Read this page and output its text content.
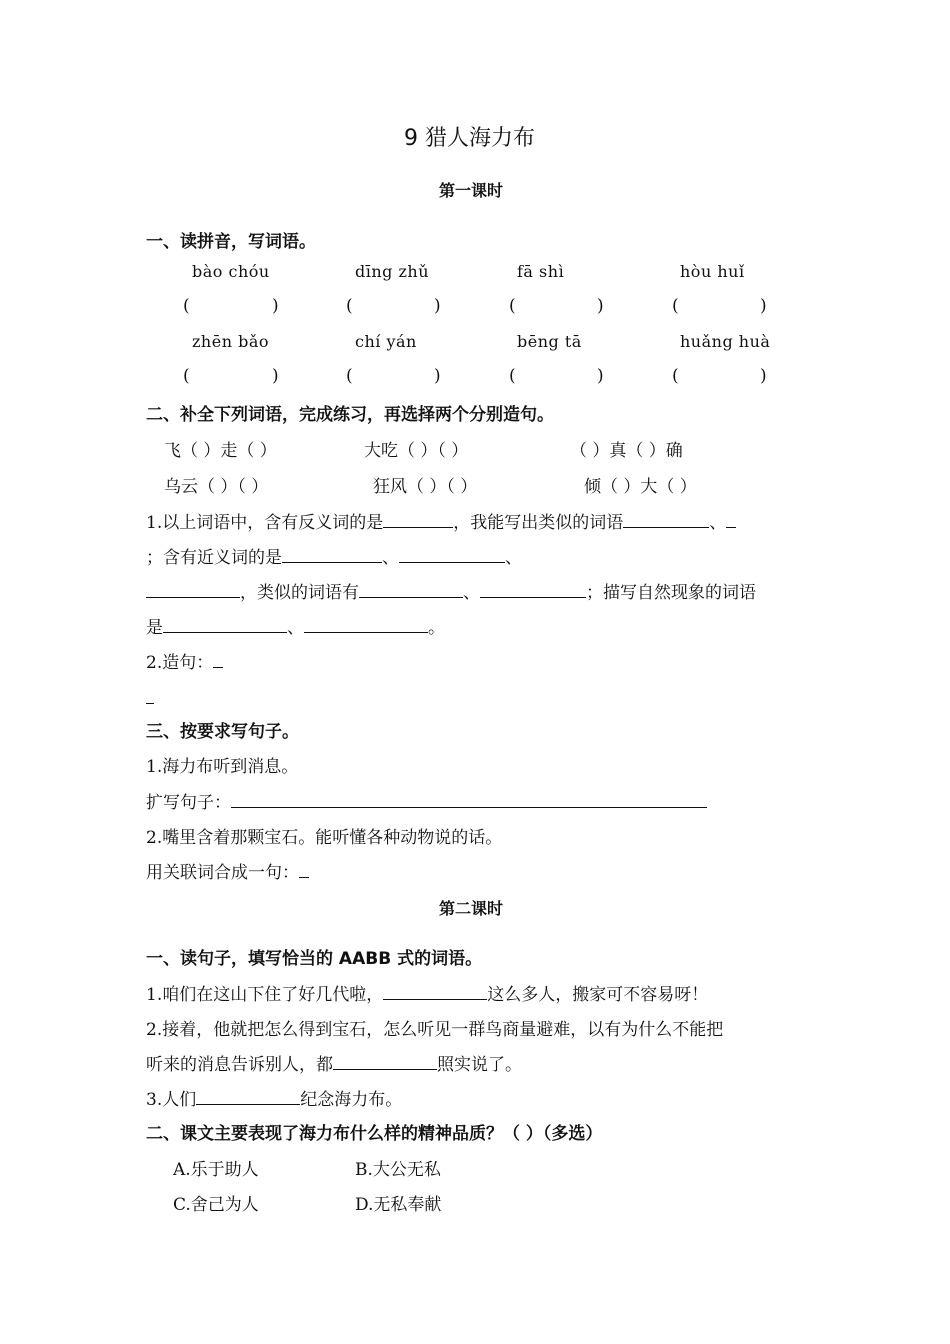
9 猎人海力布
第一课时
一、读拼音，写词语。
bào chóu	dīng zhǔ	fā shì	hòu huǐ
(	)	(	)	(	)	(	)
zhēn bǎo	chí yán	bēng tā	huǎng huà
(	)	(	)	(	)	(	)
二、补全下列词语，完成练习，再选择两个分别造句。
飞（ ）走（ ）	大吃（ ）（ ）	（ ）真（ ）确
乌云（ ）（ ）	狂风（ ）（ ）	倾（ ）大（ ）
1.以上词语中，含有反义词的是	，我能写出类似的词语	、
；含有近义词的是	、	、
，类似的词语有	、	；描写自然现象的词语
是	、	。
2.造句：
三、按要求写句子。
1.海力布听到消息。
扩写句子：
2.嘴里含着那颗宝石。能听懂各种动物说的话。
用关联词合成一句：
第二课时
一、读句子，填写恰当的 AABB 式的词语。
1.咱们在这山下住了好几代啦，	这么多人，搬家可不容易呀！
2.接着，他就把怎么得到宝石，怎么听见一群鸟商量避难，以有为什么不能把
听来的消息告诉别人，都	照实说了。
3.人们	纪念海力布。
二、课文主要表现了海力布什么样的精神品质？（ ）（多选）
A.乐于助人	B.大公无私
C.舍己为人	D.无私奉献
